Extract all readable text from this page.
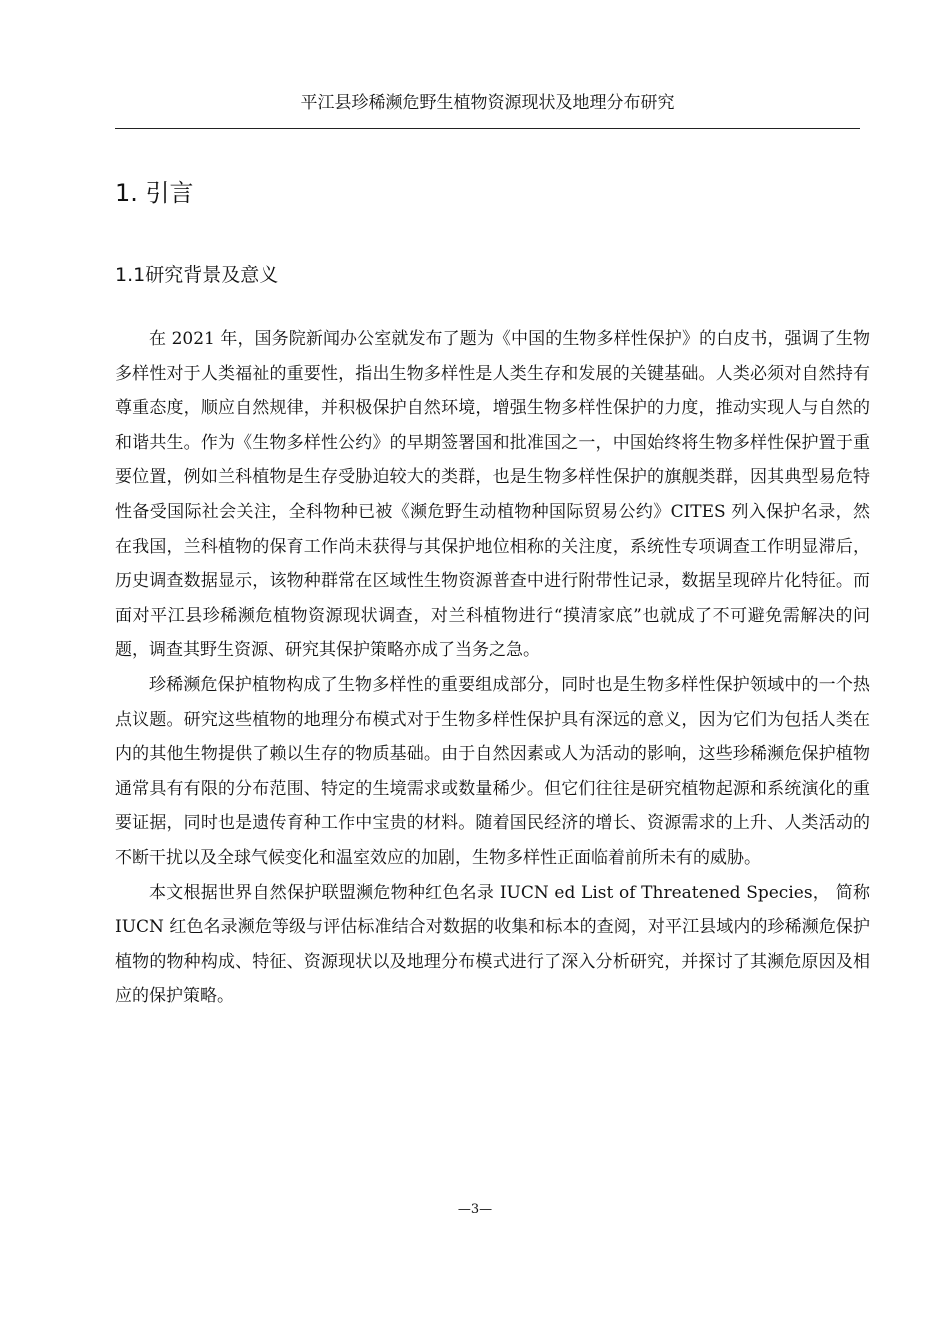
平江县珍稀濒危野生植物资源现状及地理分布研究
1. 引言
1.1研究背景及意义

在 2021 年，国务院新闻办公室就发布了题为《中国的生物多样性保护》的白皮书，强调了生物多样性对于人类福祉的重要性，指出生物多样性是人类生存和发展的关键基础。人类必须对自然持有尊重态度，顺应自然规律，并积极保护自然环境，增强生物多样性保护的力度，推动实现人与自然的和谐共生。作为《生物多样性公约》的早期签署国和批准国之一，中国始终将生物多样性保护置于重要位置，例如兰科植物是生存受胁迫较大的类群，也是生物多样性保护的旗舰类群，因其典型易危特性备受国际社会关注，全科物种已被《濒危野生动植物种国际贸易公约》CITES 列入保护名录，然在我国，兰科植物的保育工作尚未获得与其保护地位相称的关注度，系统性专项调查工作明显滞后，历史调查数据显示，该物种群常在区域性生物资源普查中进行附带性记录，数据呈现碎片化特征。而面对平江县珍稀濒危植物资源现状调查，对兰科植物进行“摸清家底”也就成了不可避免需解决的问题，调查其野生资源、研究其保护策略亦成了当务之急。

珍稀濒危保护植物构成了生物多样性的重要组成部分，同时也是生物多样性保护领域中的一个热点议题。研究这些植物的地理分布模式对于生物多样性保护具有深远的意义，因为它们为包括人类在内的其他生物提供了赖以生存的物质基础。由于自然因素或人为活动的影响，这些珍稀濒危保护植物通常具有有限的分布范围、特定的生境需求或数量稀少。但它们往往是研究植物起源和系统演化的重要证据，同时也是遗传育种工作中宝贵的材料。随着国民经济的增长、资源需求的上升、人类活动的不断干扰以及全球气候变化和温室效应的加剧，生物多样性正面临着前所未有的威胁。

本文根据世界自然保护联盟濒危物种红色名录 IUCN ed List of Threatened Species， 简称 IUCN 红色名录濒危等级与评估标准结合对数据的收集和标本的查阅，对平江县域内的珍稀濒危保护植物的物种构成、特征、资源现状以及地理分布模式进行了深入分析研究，并探讨了其濒危原因及相应的保护策略。

—3—
